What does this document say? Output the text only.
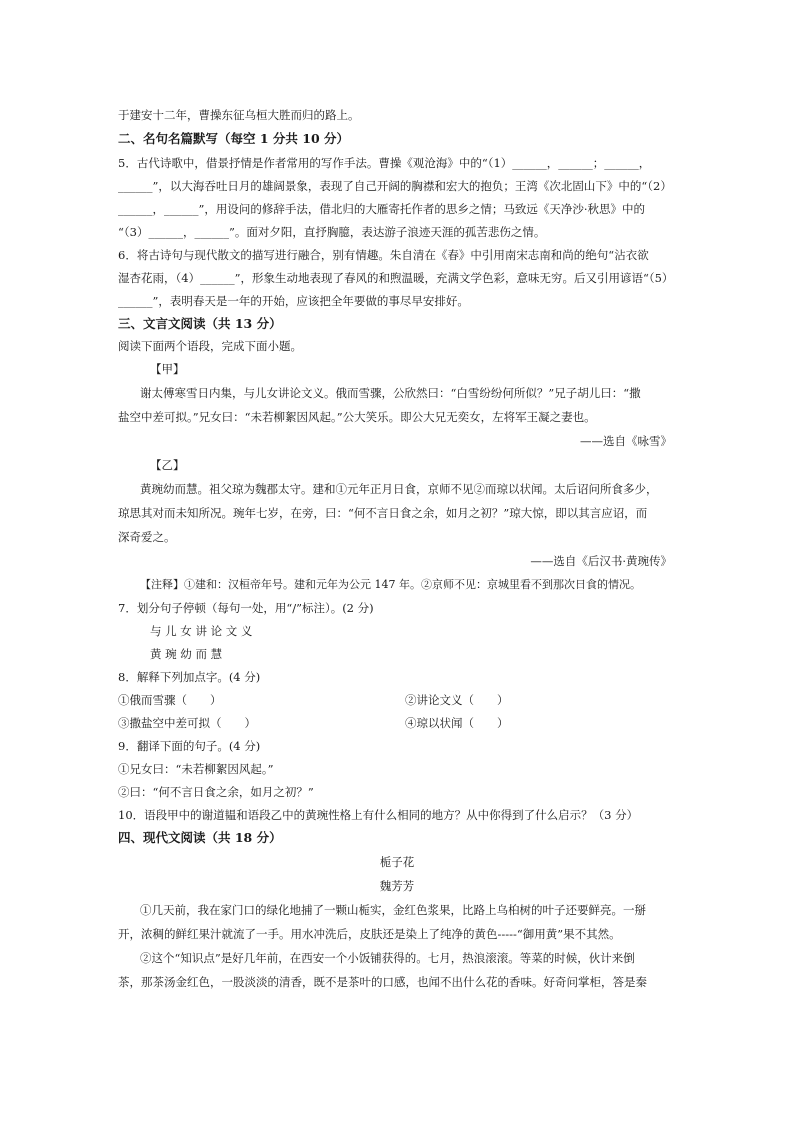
于建安十二年，曹操东征乌桓大胜而归的路上。
二、名句名篇默写（每空 1 分共 10 分）
5．古代诗歌中，借景抒情是作者常用的写作手法。曹操《观沧海》中的“（1）______，______；______，
______”，以大海吞吐日月的雄阔景象，表现了自己开阔的胸襟和宏大的抱负；王湾《次北固山下》中的“（2）
______，______”，用设问的修辞手法，借北归的大雁寄托作者的思乡之情；马致远《天净沙·秋思》中的
“（3）______，______”。面对夕阳，直抒胸臆，表达游子浪迹天涯的孤苦悲伤之情。
6．将古诗句与现代散文的描写进行融合，别有情趣。朱自清在《春》中引用南宋志南和尚的绝句“沾衣欲
湿杏花雨，（4）______”，形象生动地表现了春风的和煦温暖，充满文学色彩，意味无穷。后又引用谚语“（5）
______”，表明春天是一年的开始，应该把全年要做的事尽早安排好。
三、文言文阅读（共 13 分）
阅读下面两个语段，完成下面小题。
【甲】
谢太傅寒雪日内集，与儿女讲论文义。俄而雪骤，公欣然曰：“白雪纷纷何所似？”兄子胡儿曰：“撒
盐空中差可拟。”兄女曰：“未若柳絮因风起。”公大笑乐。即公大兄无奕女，左将军王凝之妻也。
——选自《咏雪》
【乙】
黄琬幼而慧。祖父琼为魏郡太守。建和①元年正月日食，京师不见②而琼以状闻。太后诏问所食多少，
琼思其对而未知所况。琬年七岁，在旁，曰：“何不言日食之余，如月之初？”琼大惊，即以其言应诏，而
深奇爱之。
——选自《后汉书·黄琬传》
【注释】①建和：汉桓帝年号。建和元年为公元 147 年。②京师不见：京城里看不到那次日食的情况。
7．划分句子停顿（每句一处，用“/”标注）。(2 分)
与 儿 女 讲 论 文 义
黄 琬 幼 而 慧
8．解释下列加点字。(4 分)
①俄而雪骤（　　）	②讲论文义（　　）
③撒盐空中差可拟（　　）	④琼以状闻（　　）
9．翻译下面的句子。(4 分)
①兄女曰：“未若柳絮因风起。”
②曰：“何不言日食之余，如月之初？”
10．语段甲中的谢道韫和语段乙中的黄琬性格上有什么相同的地方？从中你得到了什么启示？（3 分）
四、现代文阅读（共 18 分）
栀子花
魏芳芳
①几天前，我在家门口的绿化地捕了一颗山栀实，金红色浆果，比路上乌桕树的叶子还要鲜亮。一掰
开，浓稠的鲜红果汁就流了一手。用水冲洗后，皮肤还是染上了纯净的黄色-----“御用黄”果不其然。
②这个“知识点”是好几年前，在西安一个小饭铺获得的。七月，热浪滚滚。等菜的时候，伙计来倒
茶，那茶汤金红色，一股淡淡的清香，既不是茶叶的口感，也闻不出什么花的香味。好奇问掌柜，答是秦
